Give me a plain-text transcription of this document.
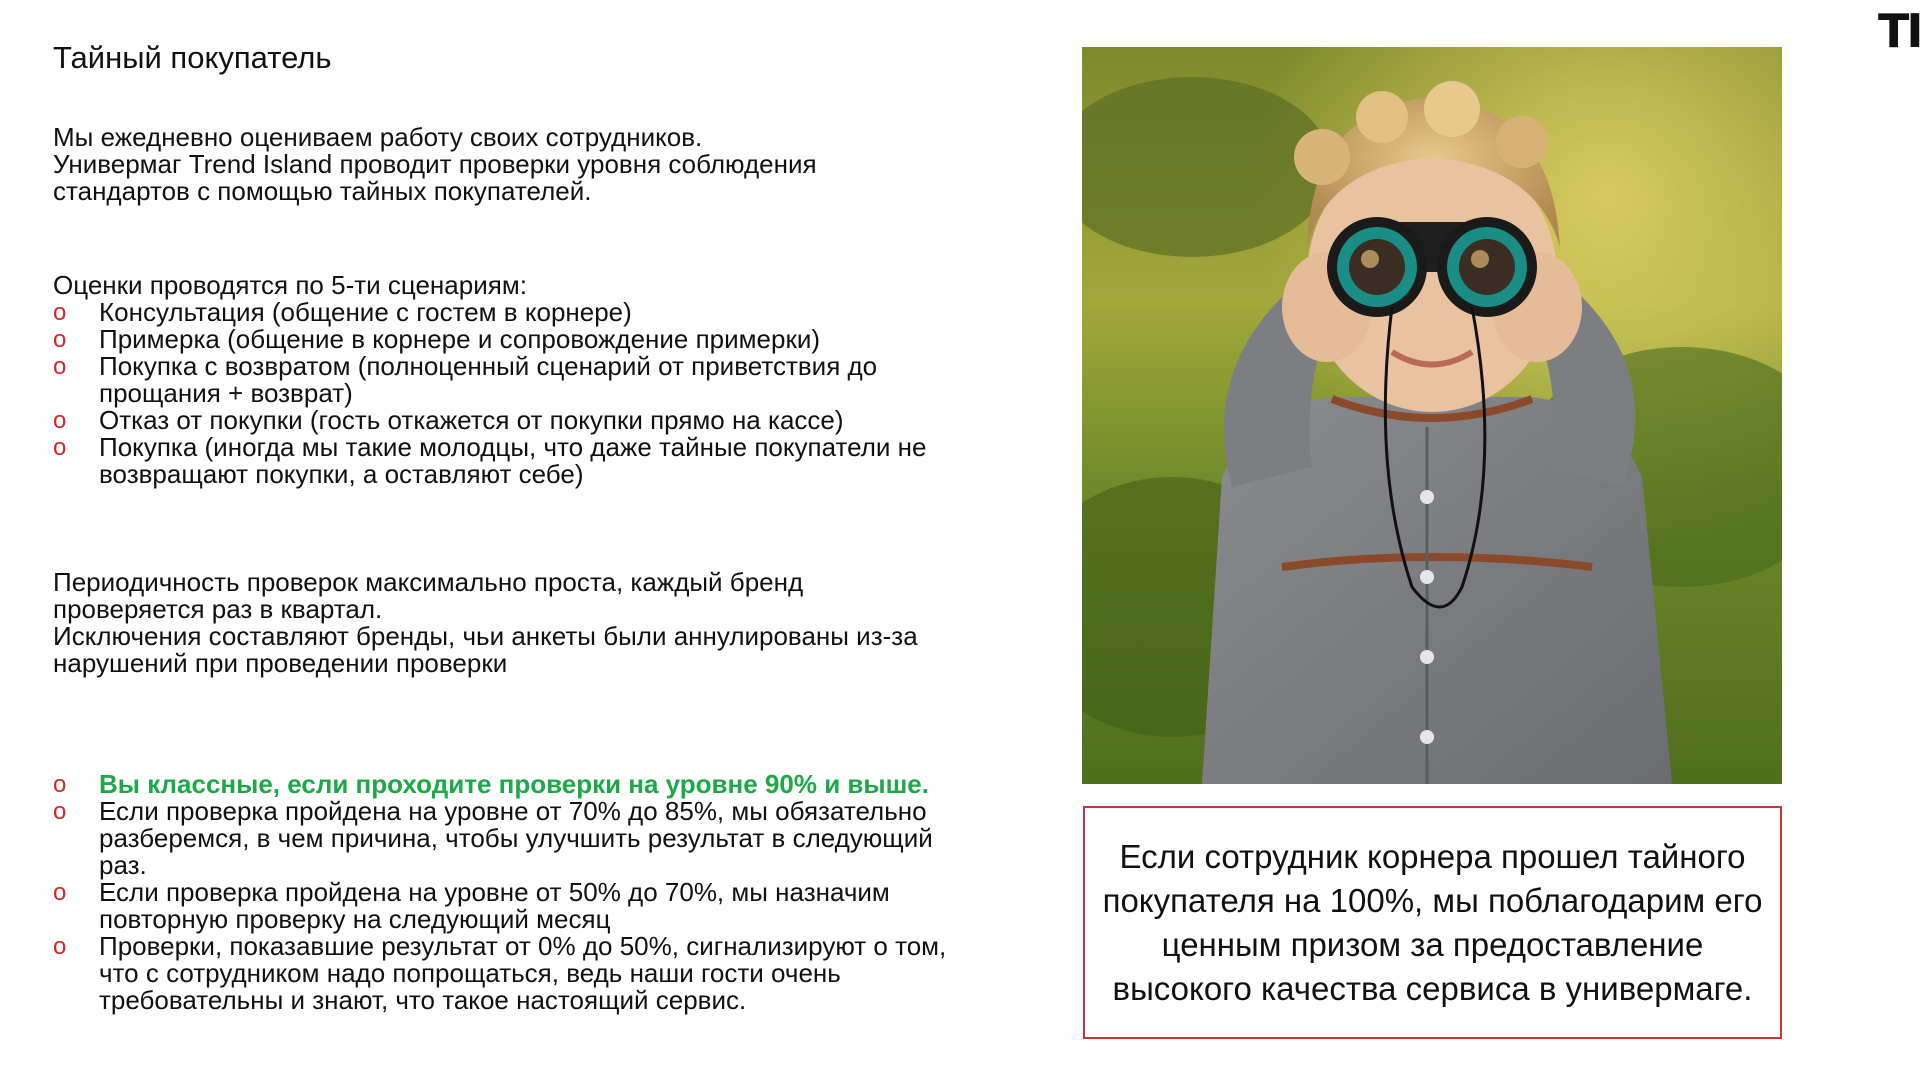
TI
Тайный покупатель
Мы ежедневно оцениваем работу своих сотрудников.
Универмаг Trend Island проводит проверки уровня соблюдения
стандартов с помощью тайных покупателей.
Оценки проводятся по 5-ти сценариям:
o Консультация (общение с гостем в корнере)
o Примерка (общение в корнере и сопровождение примерки)
o Покупка с возвратом (полноценный сценарий от приветствия до
прощания + возврат)
o Отказ от покупки (гость откажется от покупки прямо на кассе)
o Покупка (иногда мы такие молодцы, что даже тайные покупатели не
возвращают покупки, а оставляют себе)
Периодичность проверок максимально проста, каждый бренд
проверяется раз в квартал.
Исключения составляют бренды, чьи анкеты были аннулированы из-за
нарушений при проведении проверки
o Вы классные, если проходите проверки на уровне 90% и выше.
o Если проверка пройдена на уровне от 70% до 85%, мы обязательно
разберемся, в чем причина, чтобы улучшить результат в следующий
раз.
o Если проверка пройдена на уровне от 50% до 70%, мы назначим
повторную проверку на следующий месяц
o Проверки, показавшие результат от 0% до 50%, сигнализируют о том,
что с сотрудником надо попрощаться, ведь наши гости очень
требовательны и знают, что такое настоящий сервис.
Если сотрудник корнера прошел тайного
покупателя на 100%, мы поблагодарим его
ценным призом за предоставление
высокого качества сервиса в универмаге.
